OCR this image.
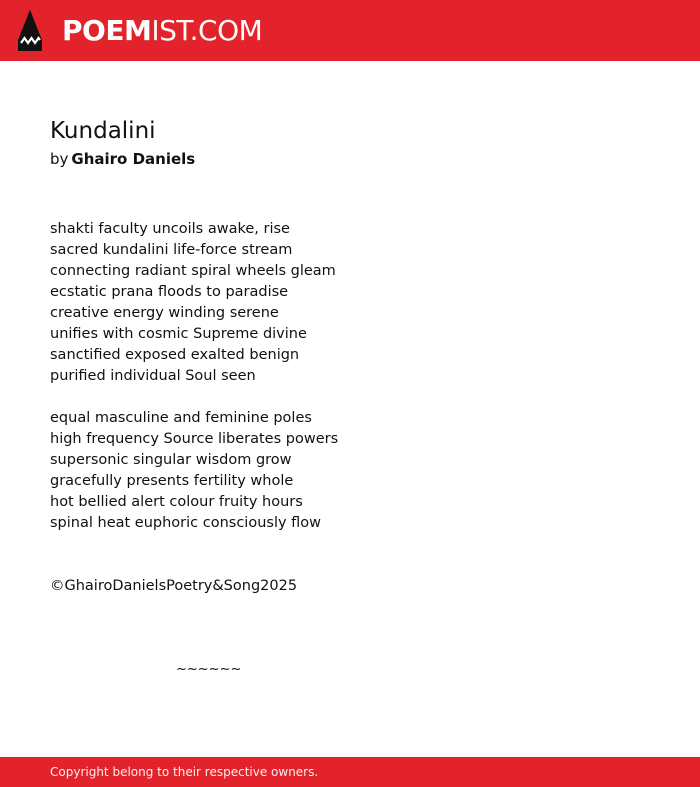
POEMIST.COM
Kundalini
by Ghairo Daniels
shakti faculty uncoils awake, rise
sacred kundalini life-force stream
connecting radiant spiral wheels gleam
ecstatic prana floods to paradise
creative energy winding serene
unifies with cosmic Supreme divine
sanctified exposed exalted benign
purified individual Soul seen
equal masculine and feminine poles
high frequency Source liberates powers
supersonic singular wisdom grow
gracefully presents fertility whole
hot bellied alert colour fruity hours
spinal heat euphoric consciously flow
©GhairoDanielsPoetry&Song2025
~~~~~~
Copyright belong to their respective owners.
